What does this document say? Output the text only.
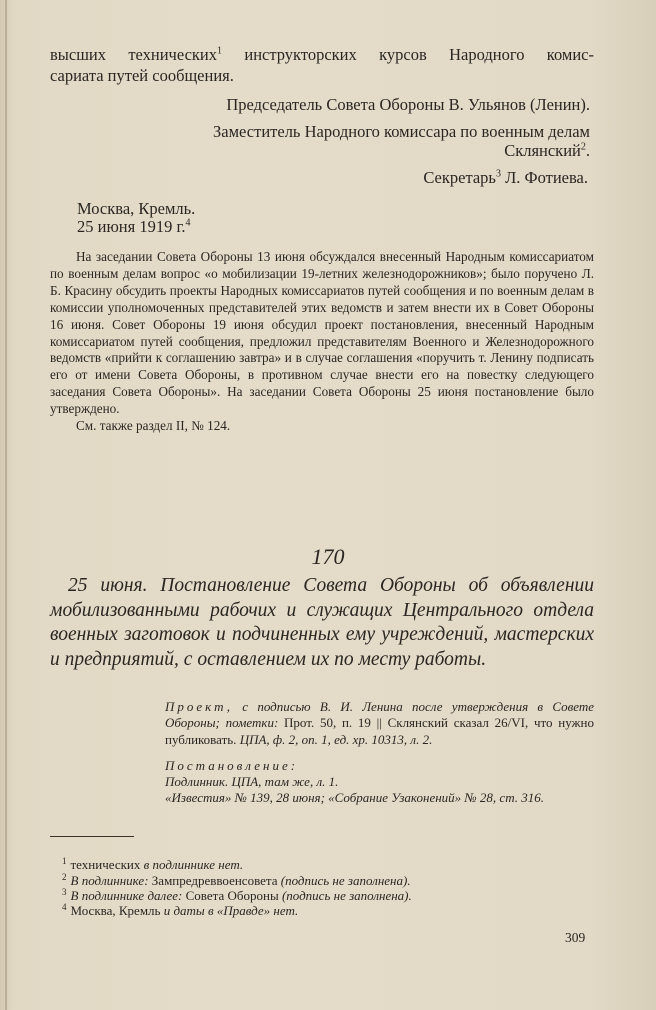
высших технических$^1$ инструкторских курсов Народного комис-

сариата путей сообщения.

Председатель Совета Обороны В. Ульянов (Ленин).

Заместитель Народного комиссара по военным делам

Склянский$^2$.

Секретарь$^3$ Л. Фотиева.

Москва, Кремль.

25 июня 1919 г.$^4$

На заседании Совета Обороны 13 июня обсуждался внесенный Народным комиссариатом по военным делам вопрос «о мобилизации 19-летних железнодорожников»; было поручено Л. Б. Красину обсудить проекты Народных комиссариатов путей сообщения и по военным делам в комиссии уполномоченных представителей этих ведомств и затем внести их в Совет Обороны 16 июня. Совет Обороны 19 июня обсудил проект постановления, внесенный Народным комиссариатом путей сообщения, предложил представителям Военного и Железнодорожного ведомств «прийти к соглашению завтра» и в случае соглашения «поручить т. Ленину подписать его от имени Совета Обороны, в противном случае внести его на повестку следующего заседания Совета Обороны». На заседании Совета Обороны 25 июня постановление было утверждено.

См. также раздел II, № 124.

170

25 июня. Постановление Совета Обороны об объявлении мобилизованными рабочих и служащих Центрального отдела военных заготовок и подчиненных ему учреждений, мастерских и предприятий, с оставлением их по месту работы.

Проект, с подписью В. И. Ленина после утверждения в Совете Обороны; пометки: Прот. 50, п. 19 || Склянский сказал 26/VI, что нужно публиковать. ЦПА, ф. 2, оп. 1, ед. хр. 10313, л. 2.

Постановление:

Подлинник. ЦПА, там же, л. 1.

«Известия» № 139, 28 июня; «Собрание Узаконений» № 28, ст. 316.

$^1$ технических в подлиннике нет.

$^2$ В подлиннике: Зампредреввоенсовета (подпись не заполнена).

$^3$ В подлиннике далее: Совета Обороны (подпись не заполнена).

$^4$ Москва, Кремль и даты в «Правде» нет.

309
